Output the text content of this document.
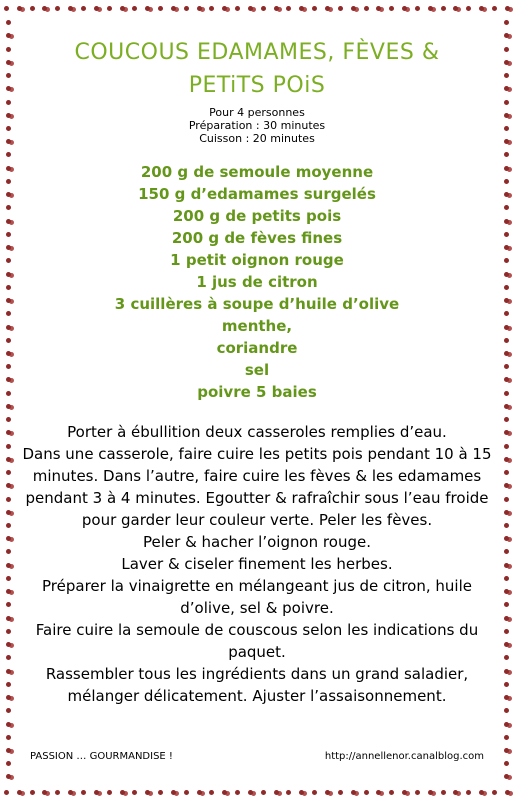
COUCOUS EDAMAMES, FÈVES &
PETiTS POiS
Pour 4 personnes
Préparation : 30 minutes
Cuisson : 20 minutes
200 g de semoule moyenne
150 g d’edamames surgelés
200 g de petits pois
200 g de fèves fines
1 petit oignon rouge
1 jus de citron
3 cuillères à soupe d’huile d’olive
menthe,
coriandre
sel
poivre 5 baies

Porter à ébullition deux casseroles remplies d’eau.

Dans une casserole, faire cuire les petits pois pendant 10 à 15 minutes. Dans l’autre, faire cuire les fèves & les edamames pendant 3 à 4 minutes. Egoutter & rafraîchir sous l’eau froide pour garder leur couleur verte. Peler les fèves.

Peler & hacher l’oignon rouge.

Laver & ciseler finement les herbes.

Préparer la vinaigrette en mélangeant jus de citron, huile d’olive, sel & poivre.

Faire cuire la semoule de couscous selon les indications du paquet.

Rassembler tous les ingrédients dans un grand saladier, mélanger délicatement. Ajuster l’assaisonnement.

PASSION … GOURMANDISE !	http://annellenor.canalblog.com
